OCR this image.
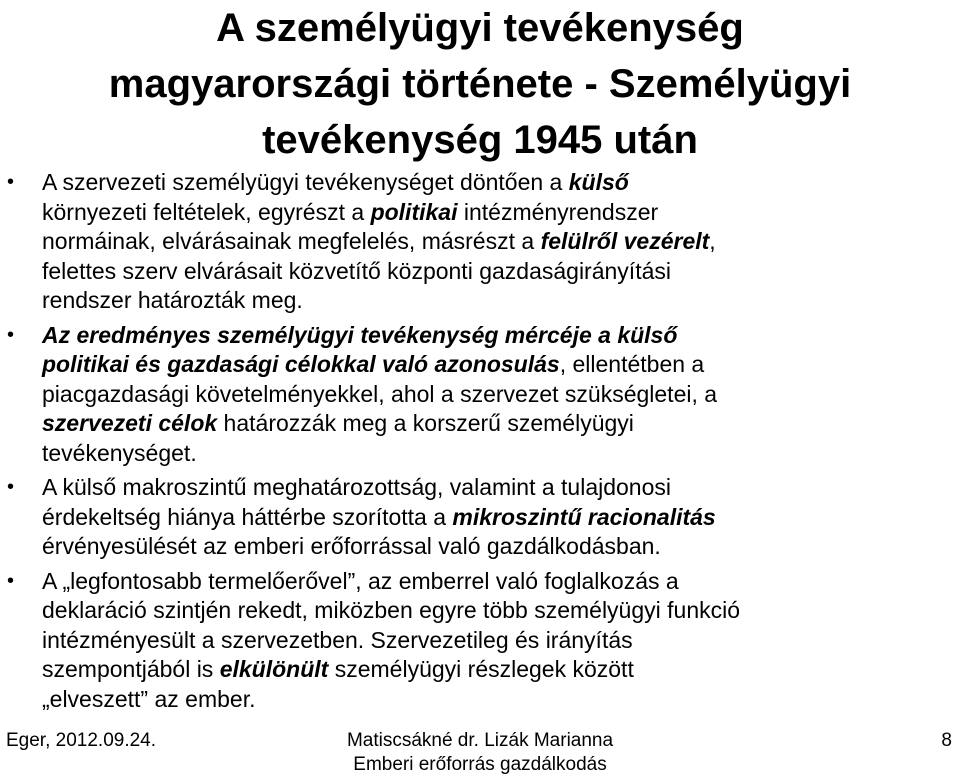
A személyügyi tevékenység
magyarországi története - Személyügyi
tevékenység 1945 után
• A szervezeti személyügyi tevékenységet döntően a külső
környezeti feltételek, egyrészt a politikai intézményrendszer
normáinak, elvárásainak megfelelés, másrészt a felülről vezérelt,
felettes szerv elvárásait közvetítő központi gazdaságirányítási
rendszer határozták meg.
• Az eredményes személyügyi tevékenység mércéje a külső
politikai és gazdasági célokkal való azonosulás, ellentétben a
piacgazdasági követelményekkel, ahol a szervezet szükségletei, a
szervezeti célok határozzák meg a korszerű személyügyi
tevékenységet.
• A külső makroszintű meghatározottság, valamint a tulajdonosi
érdekeltség hiánya háttérbe szorította a mikroszintű racionalitás
érvényesülését az emberi erőforrással való gazdálkodásban.
• A „legfontosabb termelőerővel”, az emberrel való foglalkozás a
deklaráció szintjén rekedt, miközben egyre több személyügyi funkció
intézményesült a szervezetben. Szervezetileg és irányítás
szempontjából is elkülönült személyügyi részlegek között
„elveszett” az ember.
Eger, 2012.09.24.	Matiscsákné dr. Lizák Marianna
Emberi erőforrás gazdálkodás
8
